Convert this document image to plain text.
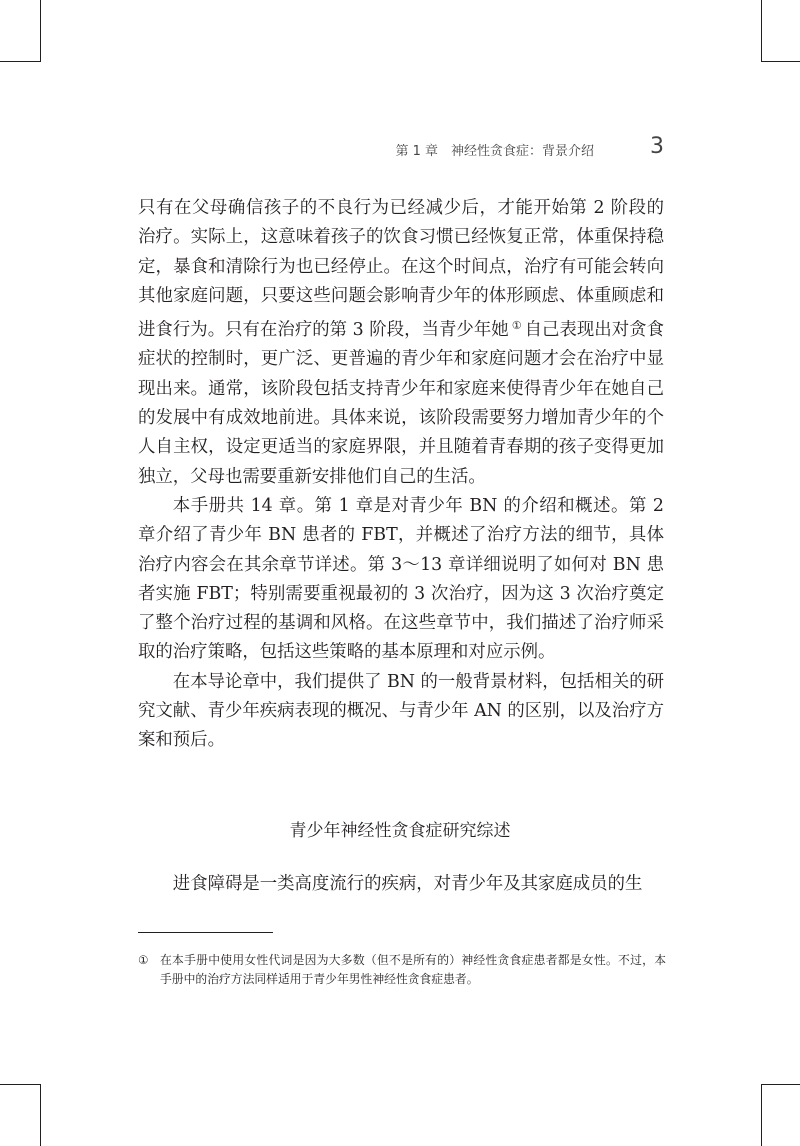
第 1 章　神经性贪食症：背景介绍	3

只有在父母确信孩子的不良行为已经减少后，才能开始第 2 阶段的治疗。实际上，这意味着孩子的饮食习惯已经恢复正常，体重保持稳定，暴食和清除行为也已经停止。在这个时间点，治疗有可能会转向其他家庭问题，只要这些问题会影响青少年的体形顾虑、体重顾虑和进食行为。只有在治疗的第 3 阶段，当青少年她 ① 自己表现出对贪食症状的控制时，更广泛、更普遍的青少年和家庭问题才会在治疗中显现出来。通常，该阶段包括支持青少年和家庭来使得青少年在她自己的发展中有成效地前进。具体来说，该阶段需要努力增加青少年的个人自主权，设定更适当的家庭界限，并且随着青春期的孩子变得更加独立，父母也需要重新安排他们自己的生活。

本手册共 14 章。第 1 章是对青少年 BN 的介绍和概述。第 2 章介绍了青少年 BN 患者的 FBT，并概述了治疗方法的细节，具体治疗内容会在其余章节详述。第 3～13 章详细说明了如何对 BN 患者实施 FBT；特别需要重视最初的 3 次治疗，因为这 3 次治疗奠定了整个治疗过程的基调和风格。在这些章节中，我们描述了治疗师采取的治疗策略，包括这些策略的基本原理和对应示例。

在本导论章中，我们提供了 BN 的一般背景材料，包括相关的研究文献、青少年疾病表现的概况、与青少年 AN 的区别，以及治疗方案和预后。

青少年神经性贪食症研究综述
进食障碍是一类高度流行的疾病，对青少年及其家庭成员的生
① 在本手册中使用女性代词是因为大多数（但不是所有的）神经性贪食症患者都是女性。不过，本手册中的治疗方法同样适用于青少年男性神经性贪食症患者。
